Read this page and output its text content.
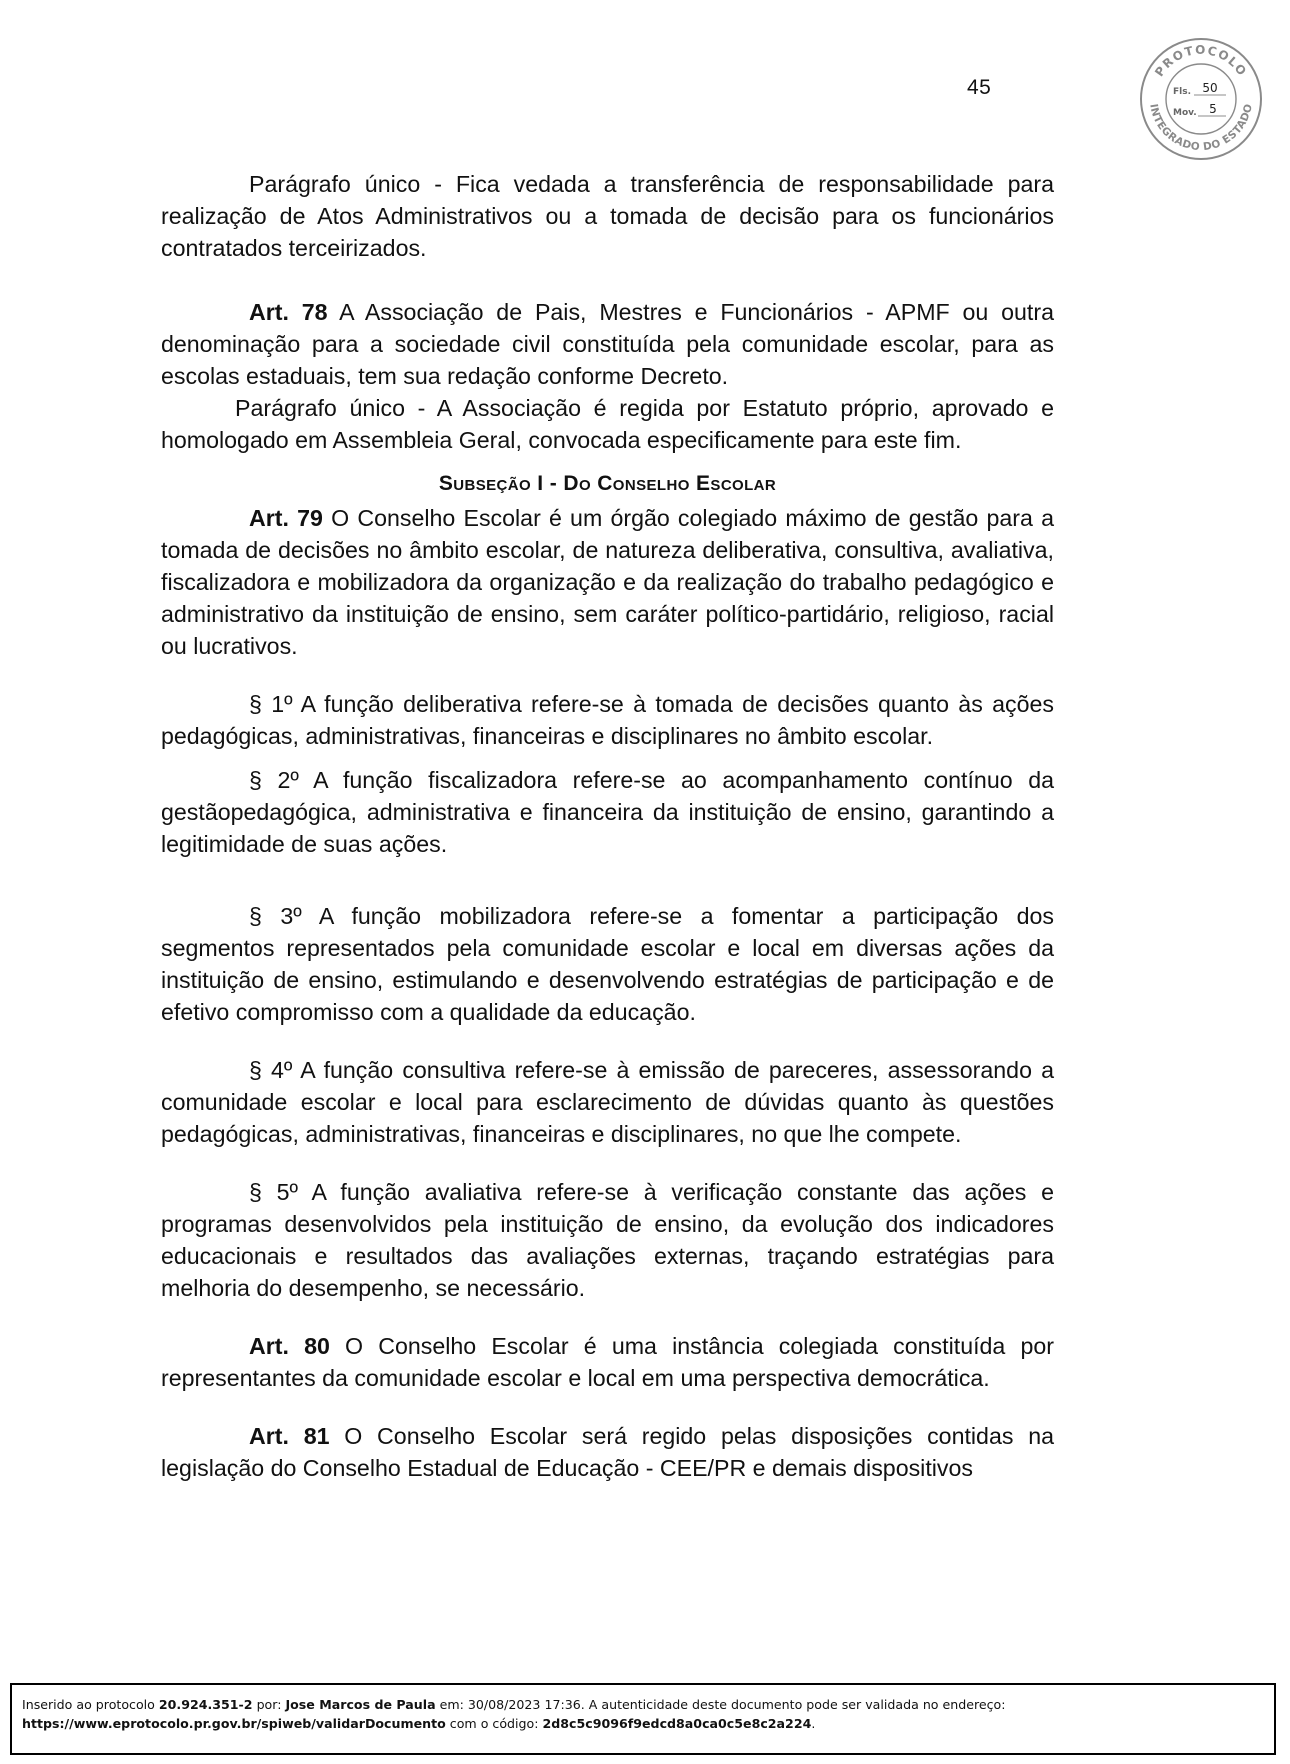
45
PROTOCOLO
INTEGRADO DO ESTADO
Fls. 50
Mov. 5

Parágrafo único - Fica vedada a transferência de responsabilidade para realização de Atos Administrativos ou a tomada de decisão para os funcionários contratados terceirizados.

Art. 78 A Associação de Pais, Mestres e Funcionários - APMF ou outra denominação para a sociedade civil constituída pela comunidade escolar, para as escolas estaduais, tem sua redação conforme Decreto.

Parágrafo único - A Associação é regida por Estatuto próprio, aprovado e homologado em Assembleia Geral, convocada especificamente para este fim.

Subseção I - Do Conselho Escolar

Art. 79 O Conselho Escolar é um órgão colegiado máximo de gestão para a tomada de decisões no âmbito escolar, de natureza deliberativa, consultiva, avaliativa, fiscalizadora e mobilizadora da organização e da realização do trabalho pedagógico e administrativo da instituição de ensino, sem caráter político-partidário, religioso, racial ou lucrativos.

§ 1º A função deliberativa refere-se à tomada de decisões quanto às ações pedagógicas, administrativas, financeiras e disciplinares no âmbito escolar.

§ 2º A função fiscalizadora refere-se ao acompanhamento contínuo da gestãopedagógica, administrativa e financeira da instituição de ensino, garantindo a legitimidade de suas ações.

§ 3º A função mobilizadora refere-se a fomentar a participação dos segmentos representados pela comunidade escolar e local em diversas ações da instituição de ensino, estimulando e desenvolvendo estratégias de participação e de efetivo compromisso com a qualidade da educação.

§ 4º A função consultiva refere-se à emissão de pareceres, assessorando a comunidade escolar e local para esclarecimento de dúvidas quanto às questões pedagógicas, administrativas, financeiras e disciplinares, no que lhe compete.

§ 5º A função avaliativa refere-se à verificação constante das ações e programas desenvolvidos pela instituição de ensino, da evolução dos indicadores educacionais e resultados das avaliações externas, traçando estratégias para melhoria do desempenho, se necessário.

Art. 80 O Conselho Escolar é uma instância colegiada constituída por representantes da comunidade escolar e local em uma perspectiva democrática.

Art. 81 O Conselho Escolar será regido pelas disposições contidas na legislação do Conselho Estadual de Educação - CEE/PR e demais dispositivos

Inserido ao protocolo 20.924.351-2 por: Jose Marcos de Paula em: 30/08/2023 17:36. A autenticidade deste documento pode ser validada no endereço:
https://www.eprotocolo.pr.gov.br/spiweb/validarDocumento com o código: 2d8c5c9096f9edcd8a0ca0c5e8c2a224.
